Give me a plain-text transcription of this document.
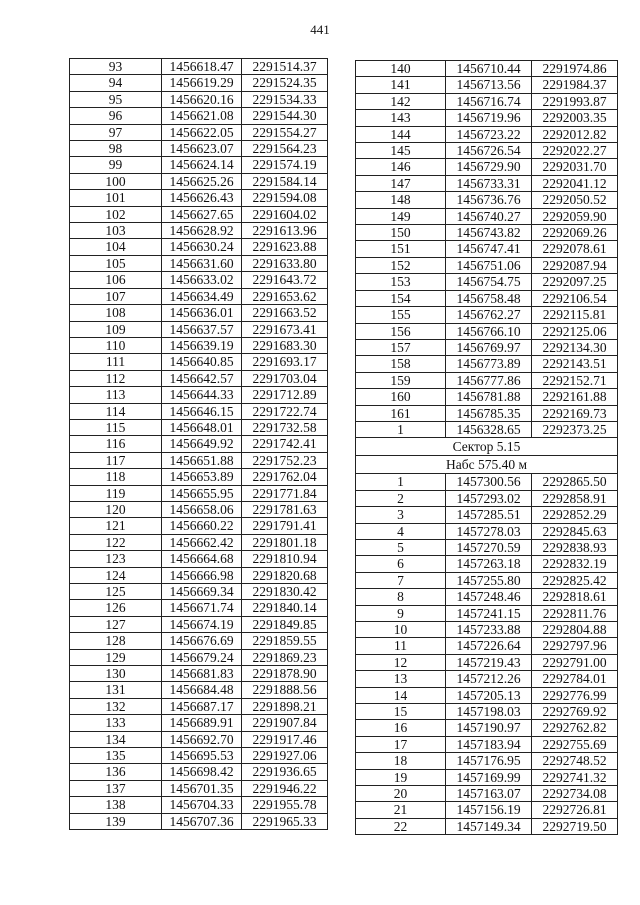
441
93	1456618.47	2291514.37
94	1456619.29	2291524.35
95	1456620.16	2291534.33
96	1456621.08	2291544.30
97	1456622.05	2291554.27
98	1456623.07	2291564.23
99	1456624.14	2291574.19
100	1456625.26	2291584.14
101	1456626.43	2291594.08
102	1456627.65	2291604.02
103	1456628.92	2291613.96
104	1456630.24	2291623.88
105	1456631.60	2291633.80
106	1456633.02	2291643.72
107	1456634.49	2291653.62
108	1456636.01	2291663.52
109	1456637.57	2291673.41
110	1456639.19	2291683.30
111	1456640.85	2291693.17
112	1456642.57	2291703.04
113	1456644.33	2291712.89
114	1456646.15	2291722.74
115	1456648.01	2291732.58
116	1456649.92	2291742.41
117	1456651.88	2291752.23
118	1456653.89	2291762.04
119	1456655.95	2291771.84
120	1456658.06	2291781.63
121	1456660.22	2291791.41
122	1456662.42	2291801.18
123	1456664.68	2291810.94
124	1456666.98	2291820.68
125	1456669.34	2291830.42
126	1456671.74	2291840.14
127	1456674.19	2291849.85
128	1456676.69	2291859.55
129	1456679.24	2291869.23
130	1456681.83	2291878.90
131	1456684.48	2291888.56
132	1456687.17	2291898.21
133	1456689.91	2291907.84
134	1456692.70	2291917.46
135	1456695.53	2291927.06
136	1456698.42	2291936.65
137	1456701.35	2291946.22
138	1456704.33	2291955.78
139	1456707.36	2291965.33
140	1456710.44	2291974.86
141	1456713.56	2291984.37
142	1456716.74	2291993.87
143	1456719.96	2292003.35
144	1456723.22	2292012.82
145	1456726.54	2292022.27
146	1456729.90	2292031.70
147	1456733.31	2292041.12
148	1456736.76	2292050.52
149	1456740.27	2292059.90
150	1456743.82	2292069.26
151	1456747.41	2292078.61
152	1456751.06	2292087.94
153	1456754.75	2292097.25
154	1456758.48	2292106.54
155	1456762.27	2292115.81
156	1456766.10	2292125.06
157	1456769.97	2292134.30
158	1456773.89	2292143.51
159	1456777.86	2292152.71
160	1456781.88	2292161.88
161	1456785.35	2292169.73
1	1456328.65	2292373.25
Сектор 5.15		
Набс 575.40 м		
1	1457300.56	2292865.50
2	1457293.02	2292858.91
3	1457285.51	2292852.29
4	1457278.03	2292845.63
5	1457270.59	2292838.93
6	1457263.18	2292832.19
7	1457255.80	2292825.42
8	1457248.46	2292818.61
9	1457241.15	2292811.76
10	1457233.88	2292804.88
11	1457226.64	2292797.96
12	1457219.43	2292791.00
13	1457212.26	2292784.01
14	1457205.13	2292776.99
15	1457198.03	2292769.92
16	1457190.97	2292762.82
17	1457183.94	2292755.69
18	1457176.95	2292748.52
19	1457169.99	2292741.32
20	1457163.07	2292734.08
21	1457156.19	2292726.81
22	1457149.34	2292719.50
